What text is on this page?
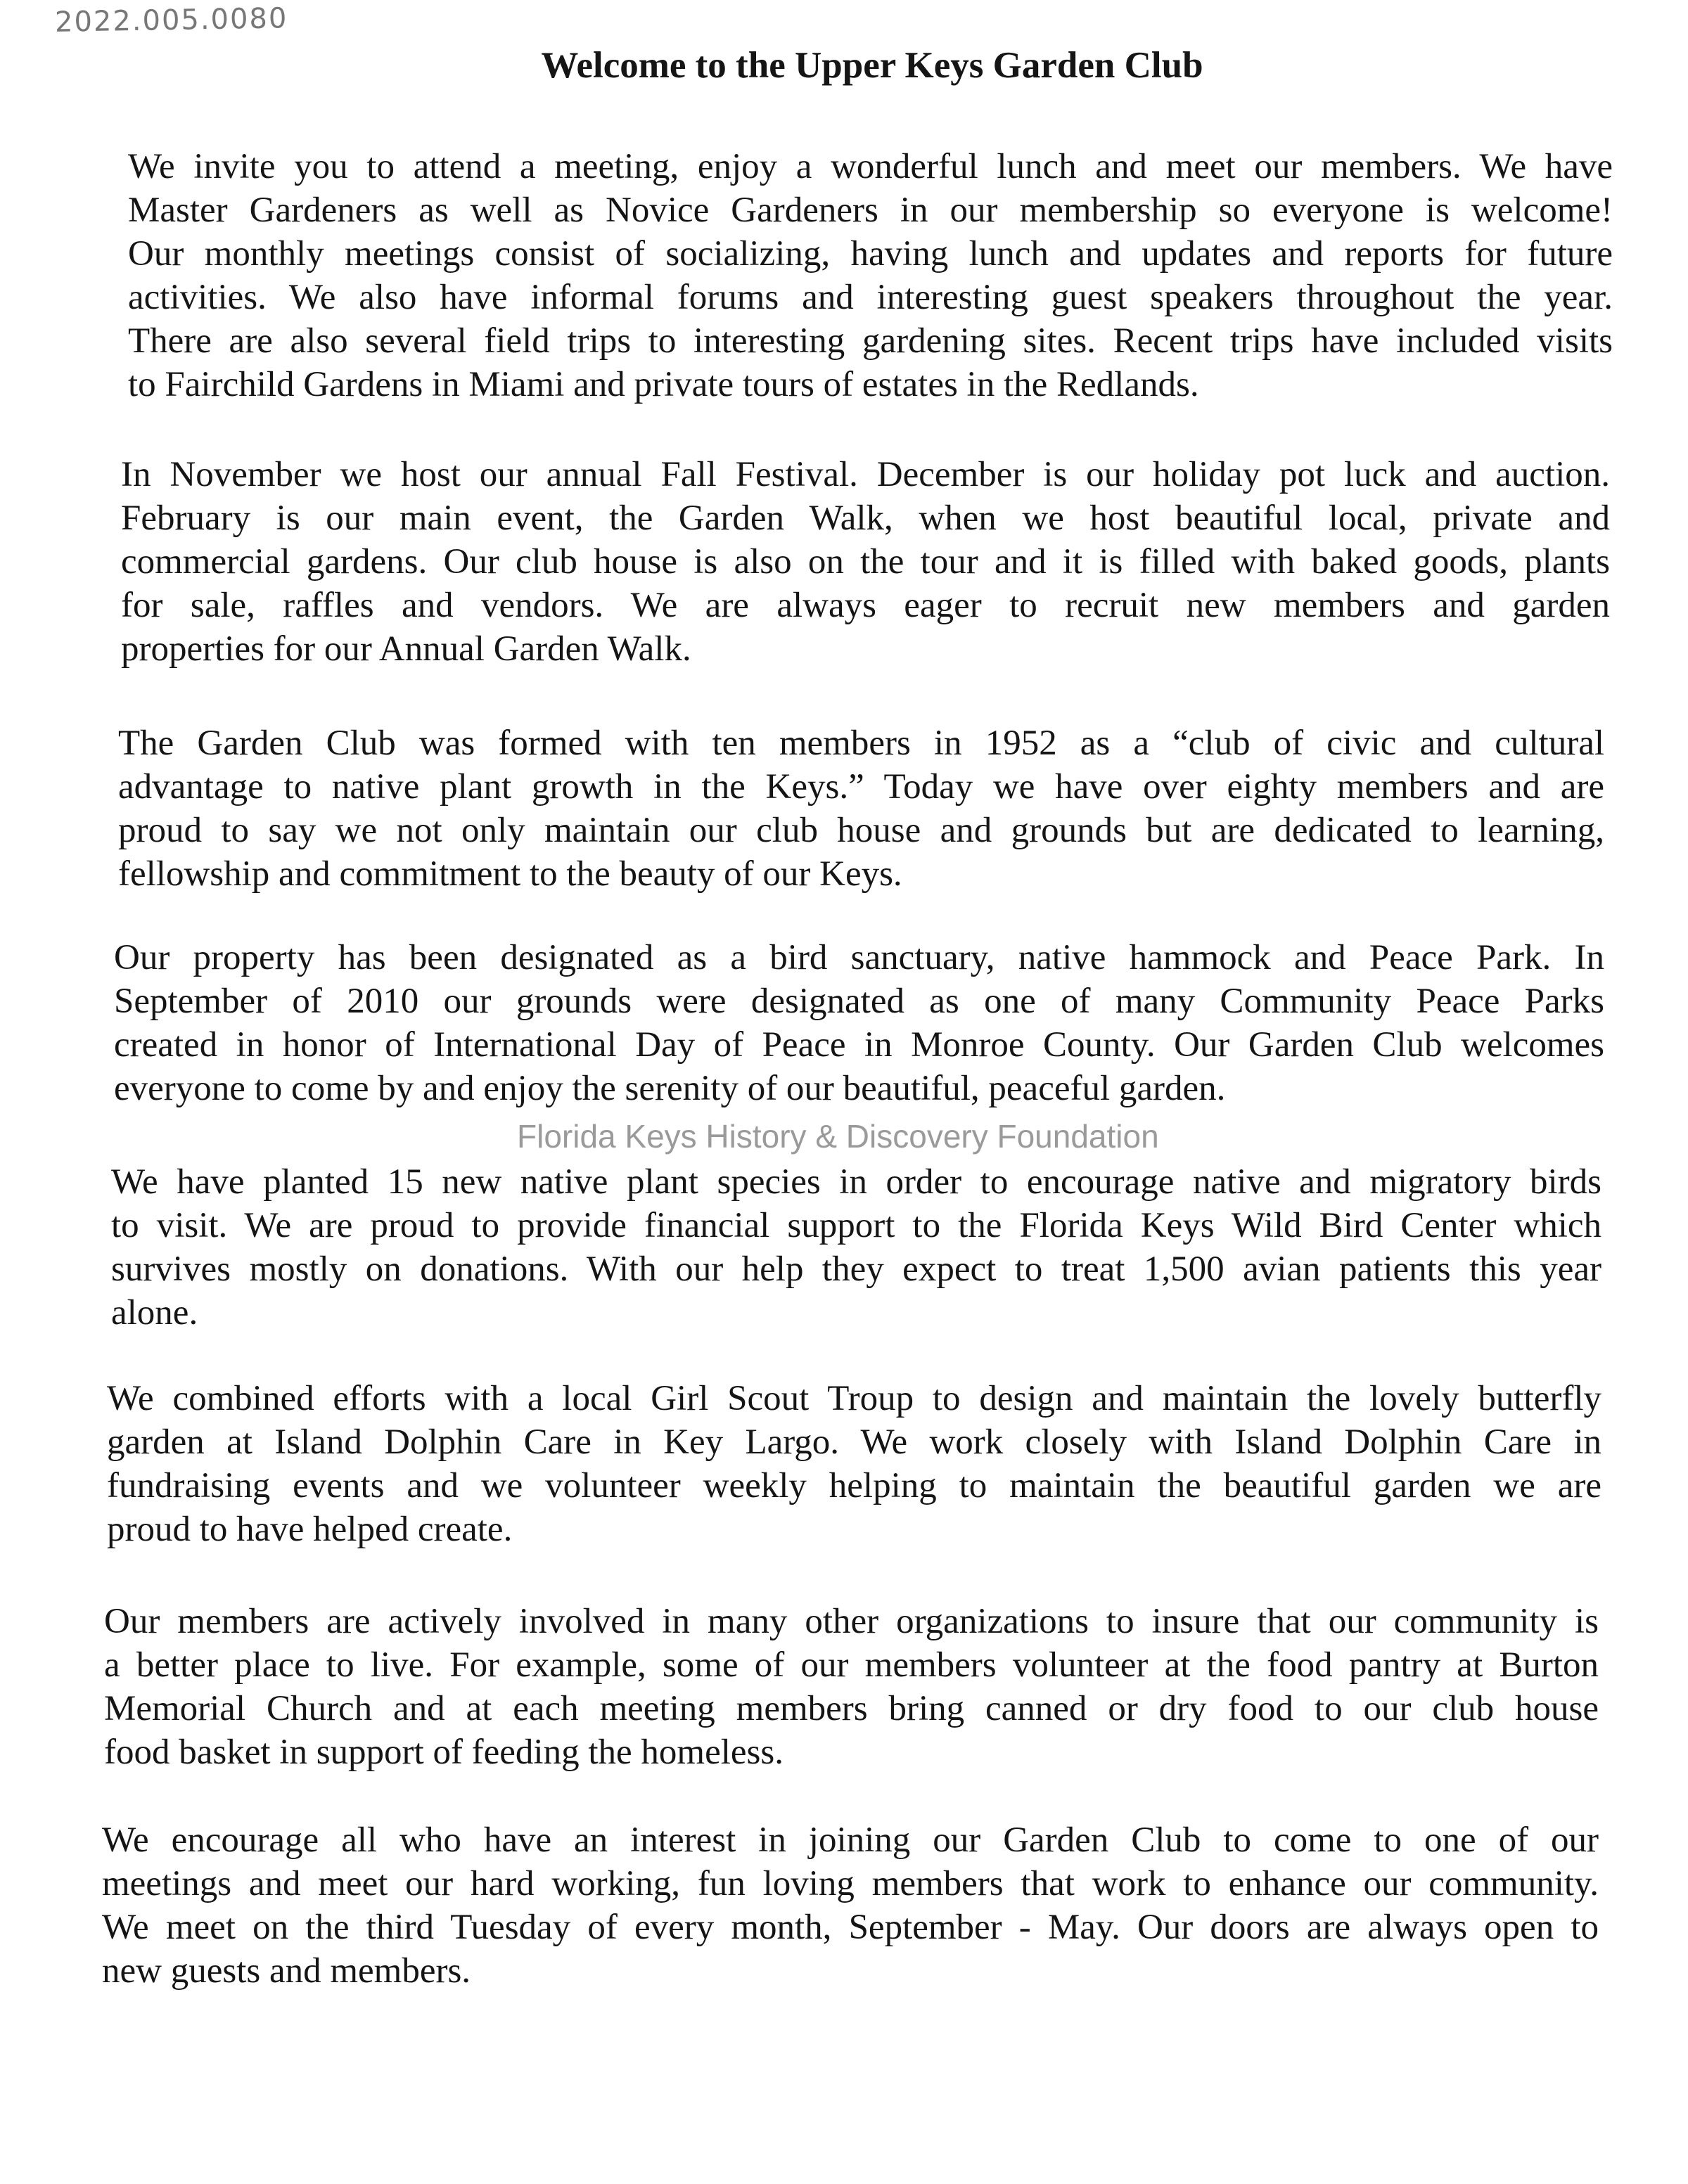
2022.005.0080
Welcome to the Upper Keys Garden Club
We invite you to attend a meeting, enjoy a wonderful lunch and meet our members. We have
Master Gardeners as well as Novice Gardeners in our membership so everyone is welcome!
Our monthly meetings consist of socializing, having lunch and updates and reports for future
activities. We also have informal forums and interesting guest speakers throughout the year.
There are also several field trips to interesting gardening sites. Recent trips have included visits
to Fairchild Gardens in Miami and private tours of estates in the Redlands.
In November we host our annual Fall Festival. December is our holiday pot luck and auction.
February is our main event, the Garden Walk, when we host beautiful local, private and
commercial gardens. Our club house is also on the tour and it is filled with baked goods, plants
for sale, raffles and vendors. We are always eager to recruit new members and garden
properties for our Annual Garden Walk.
The Garden Club was formed with ten members in 1952 as a “club of civic and cultural
advantage to native plant growth in the Keys.” Today we have over eighty members and are
proud to say we not only maintain our club house and grounds but are dedicated to learning,
fellowship and commitment to the beauty of our Keys.
Our property has been designated as a bird sanctuary, native hammock and Peace Park. In
September of 2010 our grounds were designated as one of many Community Peace Parks
created in honor of International Day of Peace in Monroe County. Our Garden Club welcomes
everyone to come by and enjoy the serenity of our beautiful, peaceful garden.
We have planted 15 new native plant species in order to encourage native and migratory birds
to visit. We are proud to provide financial support to the Florida Keys Wild Bird Center which
survives mostly on donations. With our help they expect to treat 1,500 avian patients this year
alone.
We combined efforts with a local Girl Scout Troup to design and maintain the lovely butterfly
garden at Island Dolphin Care in Key Largo. We work closely with Island Dolphin Care in
fundraising events and we volunteer weekly helping to maintain the beautiful garden we are
proud to have helped create.
Our members are actively involved in many other organizations to insure that our community is
a better place to live. For example, some of our members volunteer at the food pantry at Burton
Memorial Church and at each meeting members bring canned or dry food to our club house
food basket in support of feeding the homeless.
We encourage all who have an interest in joining our Garden Club to come to one of our
meetings and meet our hard working, fun loving members that work to enhance our community.
We meet on the third Tuesday of every month, September - May. Our doors are always open to
new guests and members.
Florida Keys History & Discovery Foundation
